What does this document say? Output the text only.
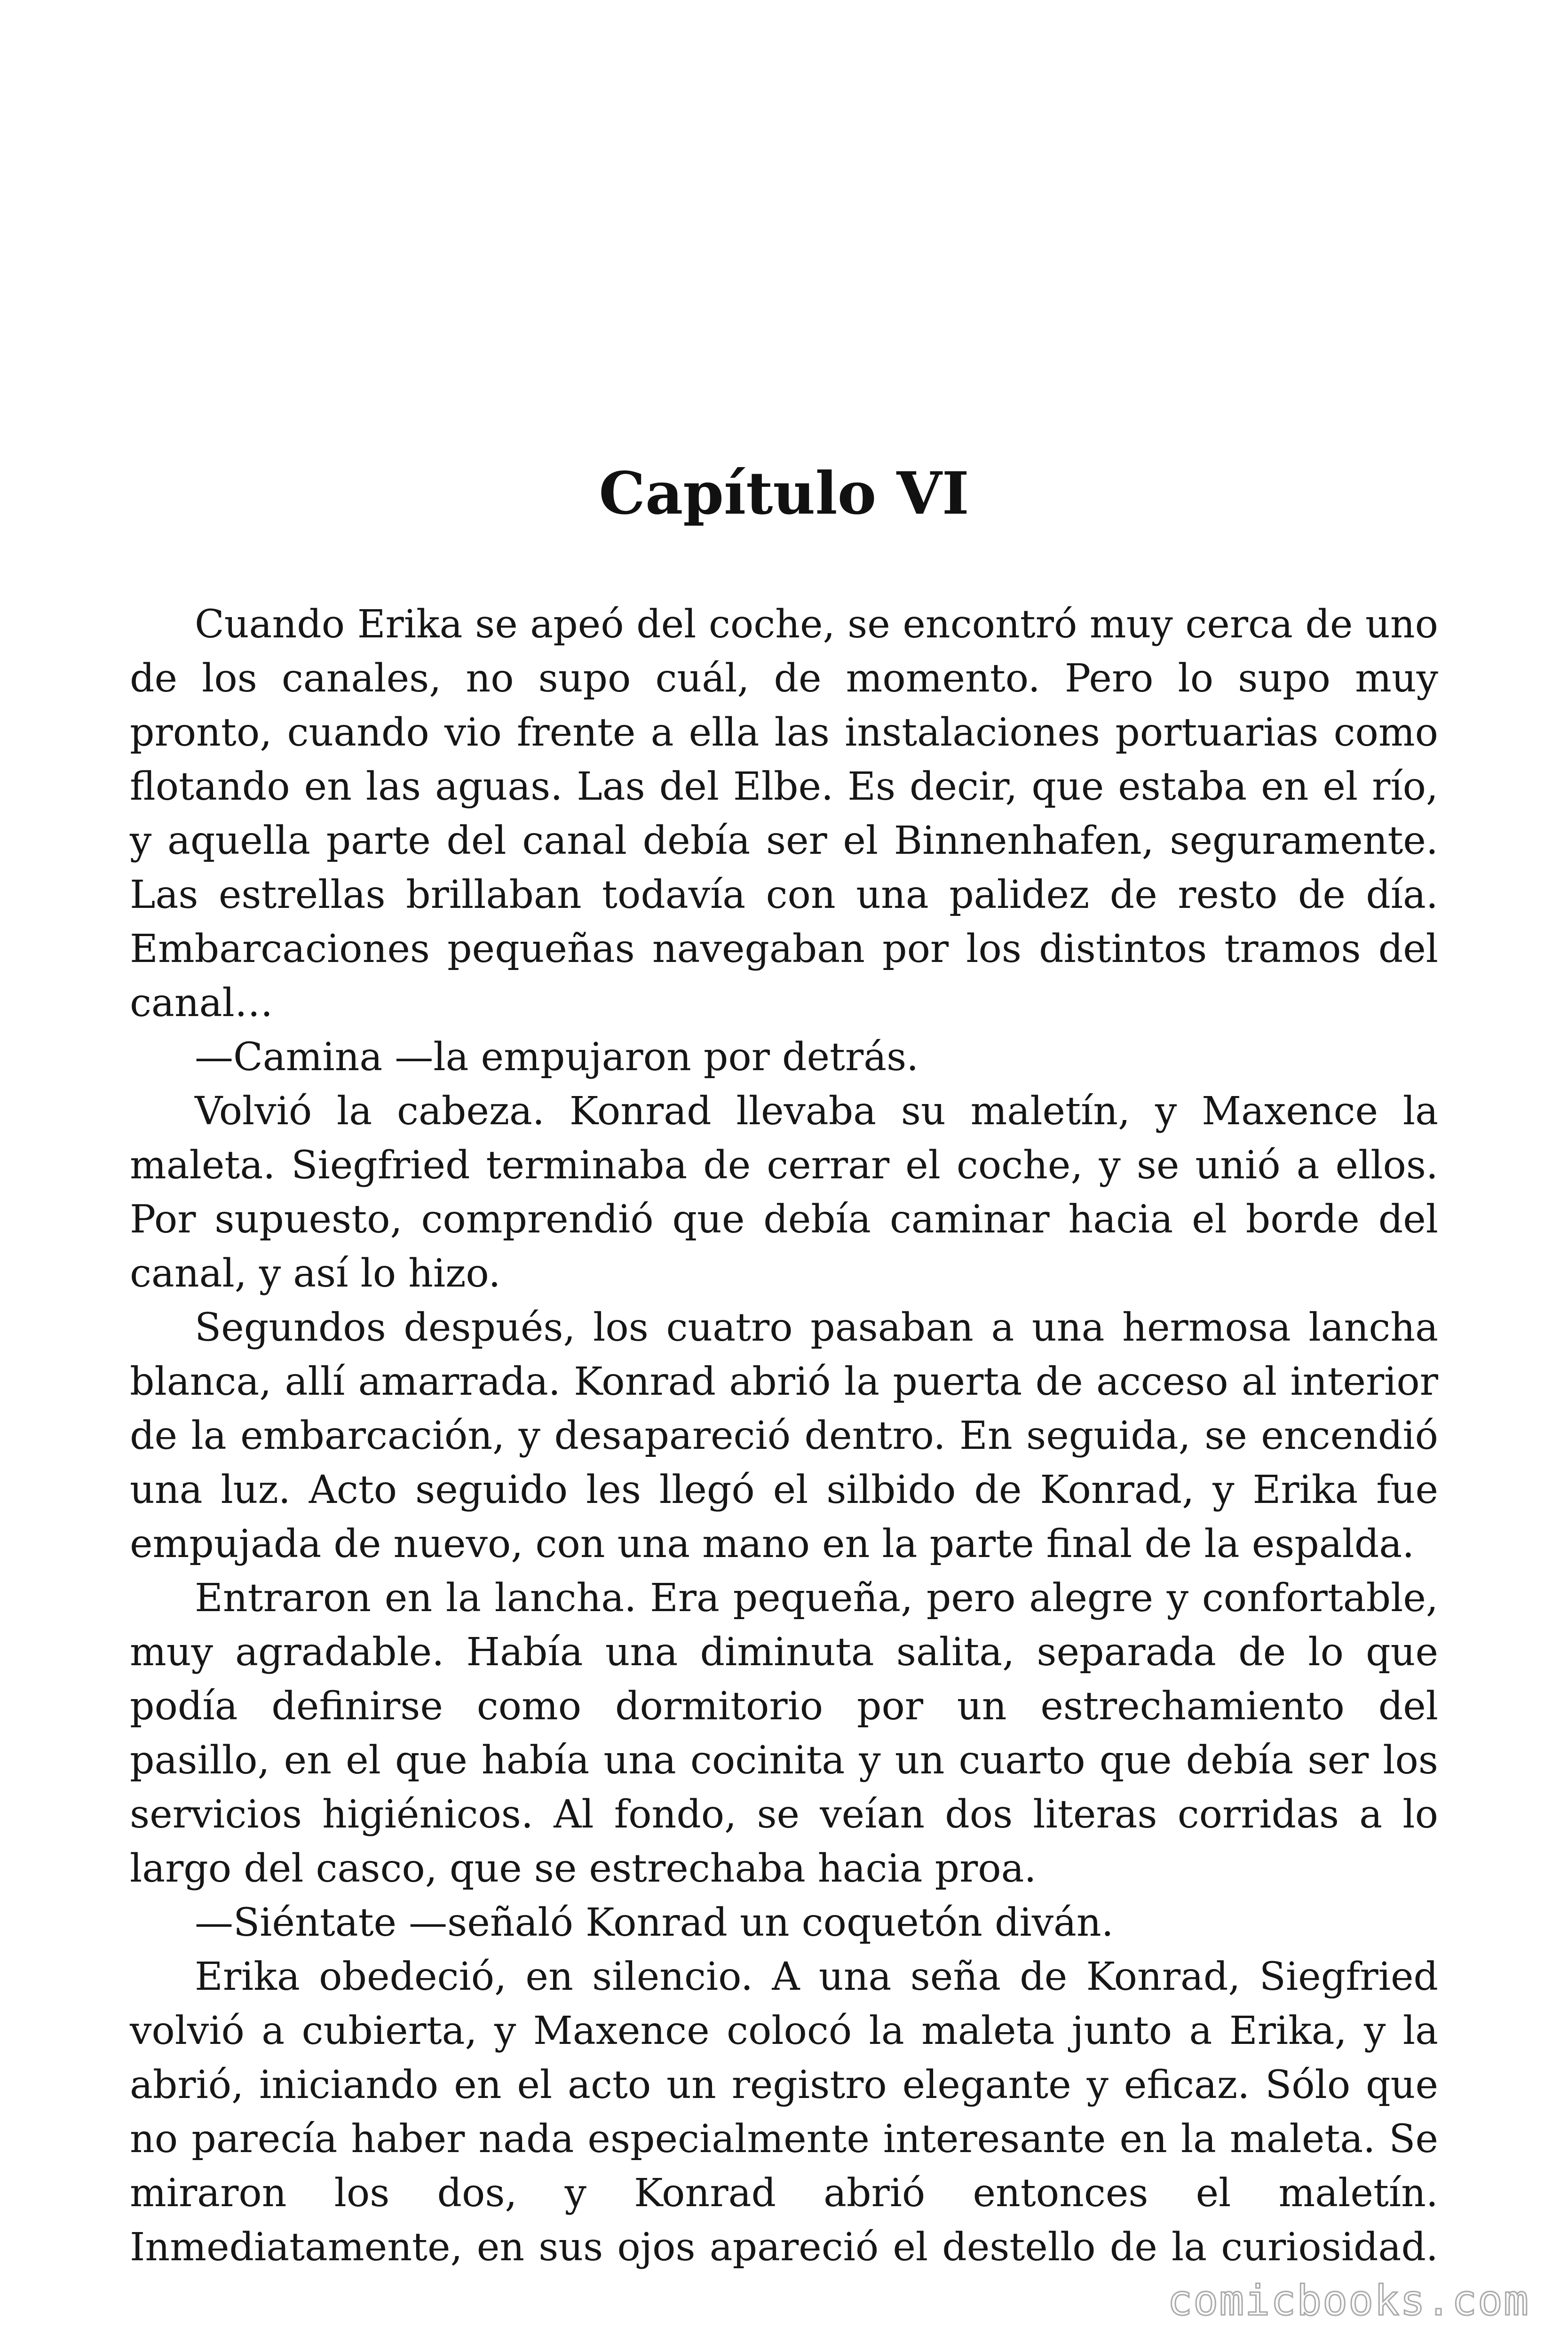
Capítulo VI

Cuando Erika se apeó del coche, se encontró muy cerca de uno de los canales, no supo cuál, de momento. Pero lo supo muy pronto, cuando vio frente a ella las instalaciones portuarias como flotando en las aguas. Las del Elbe. Es decir, que estaba en el río, y aquella parte del canal debía ser el Binnenhafen, seguramente. Las estrellas brillaban todavía con una palidez de resto de día. Embarcaciones pequeñas navegaban por los distintos tramos del canal…

—Camina —la empujaron por detrás.

Volvió la cabeza. Konrad llevaba su maletín, y Maxence la maleta. Siegfried terminaba de cerrar el coche, y se unió a ellos. Por supuesto, comprendió que debía caminar hacia el borde del canal, y así lo hizo.

Segundos después, los cuatro pasaban a una hermosa lancha blanca, allí amarrada. Konrad abrió la puerta de acceso al interior de la embarcación, y desapareció dentro. En seguida, se encendió una luz. Acto seguido les llegó el silbido de Konrad, y Erika fue empujada de nuevo, con una mano en la parte final de la espalda.

Entraron en la lancha. Era pequeña, pero alegre y confortable, muy agradable. Había una diminuta salita, separada de lo que podía definirse como dormitorio por un estrechamiento del pasillo, en el que había una cocinita y un cuarto que debía ser los servicios higiénicos. Al fondo, se veían dos literas corridas a lo largo del casco, que se estrechaba hacia proa.

—Siéntate —señaló Konrad un coquetón diván.

Erika obedeció, en silencio. A una seña de Konrad, Siegfried volvió a cubierta, y Maxence colocó la maleta junto a Erika, y la abrió, iniciando en el acto un registro elegante y eficaz. Sólo que no parecía haber nada especialmente interesante en la maleta. Se miraron los dos, y Konrad abrió entonces el maletín. Inmediatamente, en sus ojos apareció el destello de la curiosidad.

comicbooks.com
